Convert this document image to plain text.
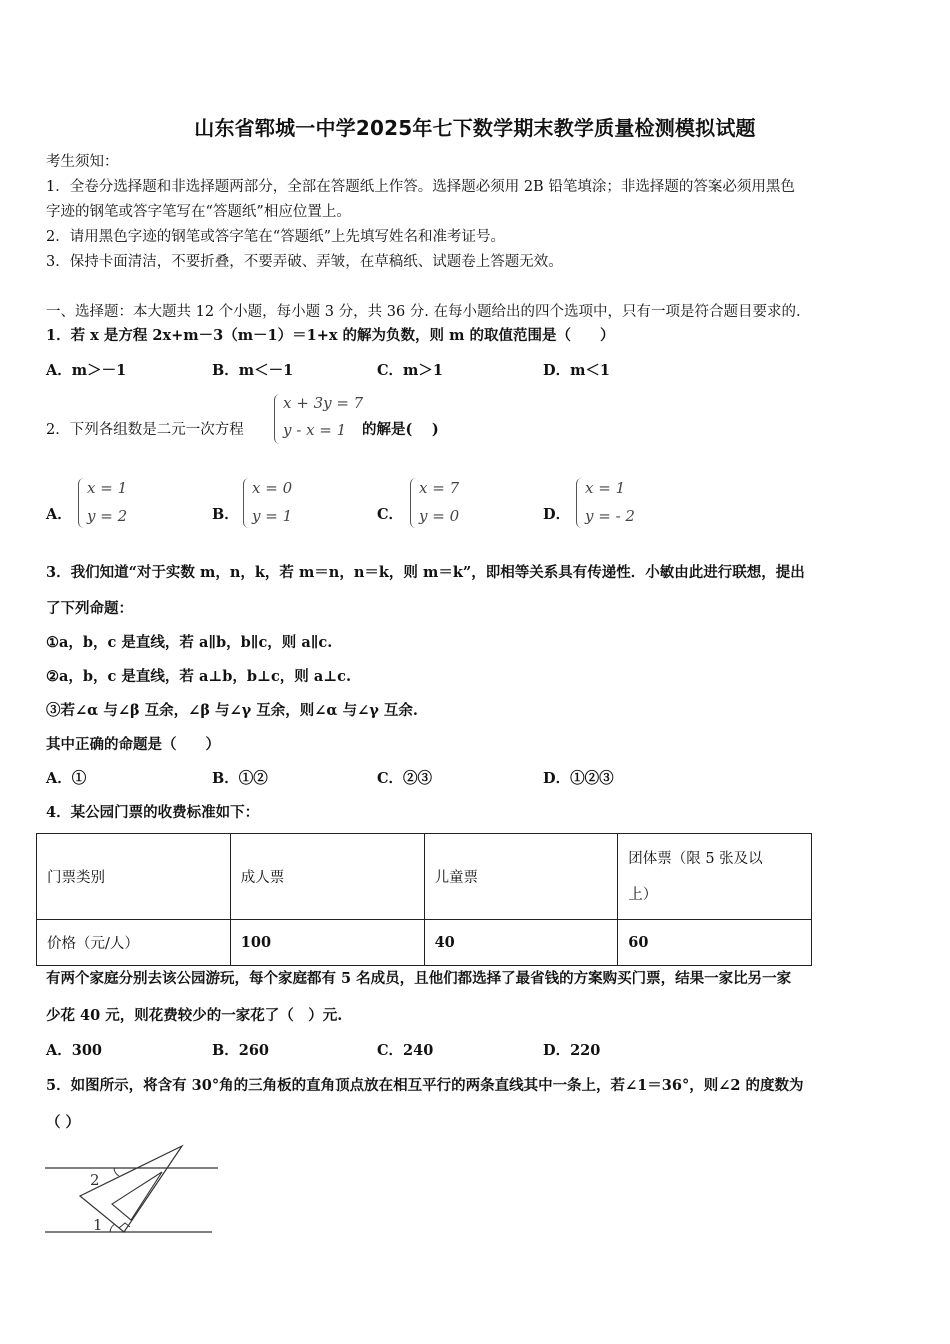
山东省郓城一中学2025年七下数学期末教学质量检测模拟试题
考生须知：
1．全卷分选择题和非选择题两部分，全部在答题纸上作答。选择题必须用 2B 铅笔填涂；非选择题的答案必须用黑色
字迹的钢笔或答字笔写在“答题纸”相应位置上。
2．请用黑色字迹的钢笔或答字笔在“答题纸”上先填写姓名和准考证号。
3．保持卡面清洁，不要折叠，不要弄破、弄皱，在草稿纸、试题卷上答题无效。
一、选择题：本大题共 12 个小题，每小题 3 分，共 36 分. 在每小题给出的四个选项中，只有一项是符合题目要求的.
1．若 x 是方程 2x+m－3（m－1）＝1+x 的解为负数，则 m 的取值范围是（　　）
A．m＞－1	B．m＜－1	C．m＞1	D．m＜1
2．下列各组数是二元一次方程
x + 3y = 7
y - x = 1 的解是(　 )
A．
x = 1
y = 2	B．
x = 0
y = 1	C．
x = 7
y = 0	D．
x = 1
y = - 2
3．我们知道“对于实数 m，n，k，若 m＝n，n＝k，则 m＝k”，即相等关系具有传递性．小敏由此进行联想，提出
了下列命题：
①a，b，c 是直线，若 a∥b，b∥c，则 a∥c.
②a，b，c 是直线，若 a⊥b，b⊥c，则 a⊥c.
③若∠α 与∠β 互余，∠β 与∠γ 互余，则∠α 与∠γ 互余.
其中正确的命题是（　　）
A．①	B．①②	C．②③	D．①②③
4．某公园门票的收费标准如下：
门票类别	成人票	儿童票	团体票（限 5 张及以
上）

价格（元/人）	100	40	60
有两个家庭分别去该公园游玩，每个家庭都有 5 名成员，且他们都选择了最省钱的方案购买门票，结果一家比另一家
少花 40 元，则花费较少的一家花了（　）元.
A．300	B．260	C．240	D．220
5．如图所示，将含有 30°角的三角板的直角顶点放在相互平行的两条直线其中一条上，若∠1＝36°，则∠2 的度数为
（ ）
2
1
